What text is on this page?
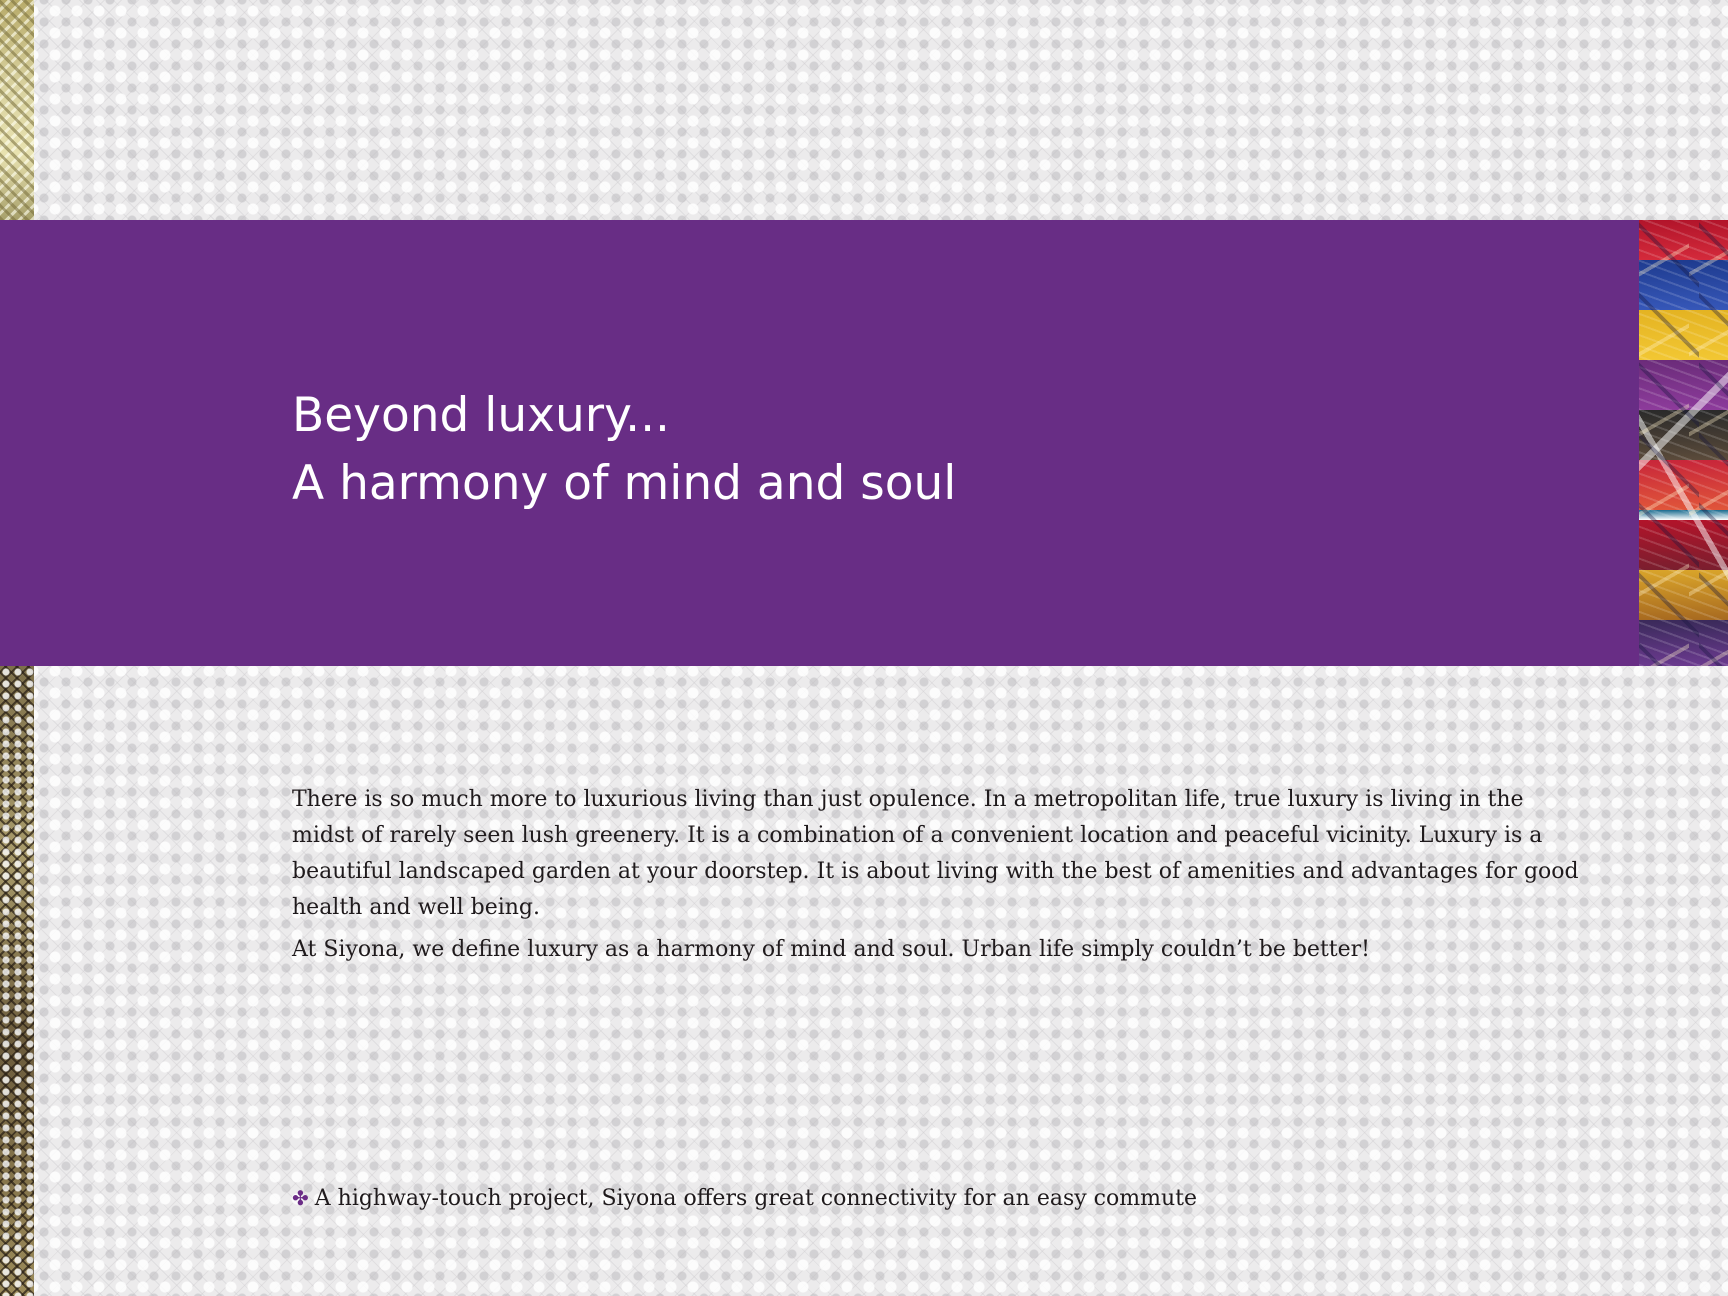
Beyond luxury...
A harmony of mind and soul

There is so much more to luxurious living than just opulence. In a metropolitan life, true luxury is living in the midst of rarely seen lush greenery. It is a combination of a convenient location and peaceful vicinity. Luxury is a beautiful landscaped garden at your doorstep. It is about living with the best of amenities and advantages for good health and well being.

At Siyona, we define luxury as a harmony of mind and soul. Urban life simply couldn’t be better!

✤ A highway-touch project, Siyona offers great connectivity for an easy commute
